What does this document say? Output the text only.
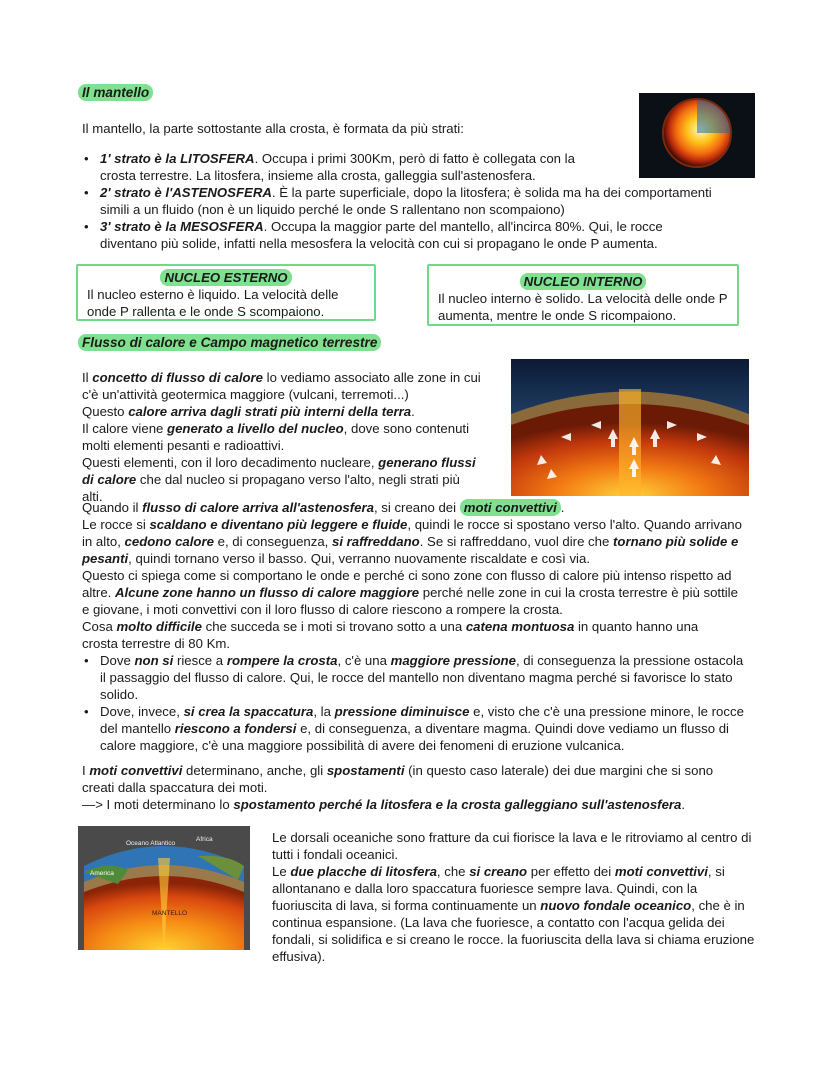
Il mantello

Il mantello, la parte sottostante alla crosta, è formata da più strati:

• 1' strato è la LITOSFERA. Occupa i primi 300Km, però di fatto è collegata con la crosta terrestre. La litosfera, insieme alla crosta, galleggia sull'astenosfera.
• 2' strato è l'ASTENOSFERA. È la parte superficiale, dopo la litosfera; è solida ma ha dei comportamenti simili a un fluido (non è un liquido perché le onde S rallentano non scompaiono)
• 3' strato è la MESOSFERA. Occupa la maggior parte del mantello, all'incirca 80%. Qui, le rocce diventano più solide, infatti nella mesosfera la velocità con cui si propagano le onde P aumenta.
NUCLEO ESTERNO
Il nucleo esterno è liquido. La velocità delle onde P rallenta e le onde S scompaiono.
NUCLEO INTERNO
Il nucleo interno è solido. La velocità delle onde P aumenta, mentre le onde S ricompaiono.
Flusso di calore e Campo magnetico terrestre

Il concetto di flusso di calore lo vediamo associato alle zone in cui c'è un'attività geotermica maggiore (vulcani, terremoti...)

Questo calore arriva dagli strati più interni della terra.

Il calore viene generato a livello del nucleo, dove sono contenuti molti elementi pesanti e radioattivi.

Questi elementi, con il loro decadimento nucleare, generano flussi di calore che dal nucleo si propagano verso l'alto, negli strati più alti.

Quando il flusso di calore arriva all'astenosfera, si creano dei moti convettivi .

Le rocce si scaldano e diventano più leggere e fluide, quindi le rocce si spostano verso l'alto. Quando arrivano in alto, cedono calore e, di conseguenza, si raffreddano. Se si raffreddano, vuol dire che tornano più solide e pesanti, quindi tornano verso il basso. Qui, verranno nuovamente riscaldate e così via.

Questo ci spiega come si comportano le onde e perché ci sono zone con flusso di calore più intenso rispetto ad altre. Alcune zone hanno un flusso di calore maggiore perché nelle zone in cui la crosta terrestre è più sottile e giovane, i moti convettivi con il loro flusso di calore riescono a rompere la crosta.

Cosa molto difficile che succeda se i moti si trovano sotto a una catena montuosa in quanto hanno una crosta terrestre di 80 Km.

• Dove non si riesce a rompere la crosta, c'è una maggiore pressione, di conseguenza la pressione ostacola il passaggio del flusso di calore. Qui, le rocce del mantello non diventano magma perché si favorisce lo stato solido.
• Dove, invece, si crea la spaccatura, la pressione diminuisce e, visto che c'è una pressione minore, le rocce del mantello riescono a fondersi e, di conseguenza, a diventare magma. Quindi dove vediamo un flusso di calore maggiore, c'è una maggiore possibilità di avere dei fenomeni di eruzione vulcanica.

I moti convettivi determinano, anche, gli spostamenti (in questo caso laterale) dei due margini che si sono creati dalla spaccatura dei moti.

—> I moti determinano lo spostamento perché la litosfera e la crosta galleggiano sull'astenosfera.

Oceano Atlantico
Africa
America
MANTELLO

Le dorsali oceaniche sono fratture da cui fiorisce la lava e le ritroviamo al centro di tutti i fondali oceanici.

Le due placche di litosfera, che si creano per effetto dei moti convettivi, si allontanano e dalla loro spaccatura fuoriesce sempre lava. Quindi, con la fuoriuscita di lava, si forma continuamente un nuovo fondale oceanico, che è in continua espansione. (La lava che fuoriesce, a contatto con l'acqua gelida dei fondali, si solidifica e si creano le rocce. la fuoriuscita della lava si chiama eruzione effusiva).
